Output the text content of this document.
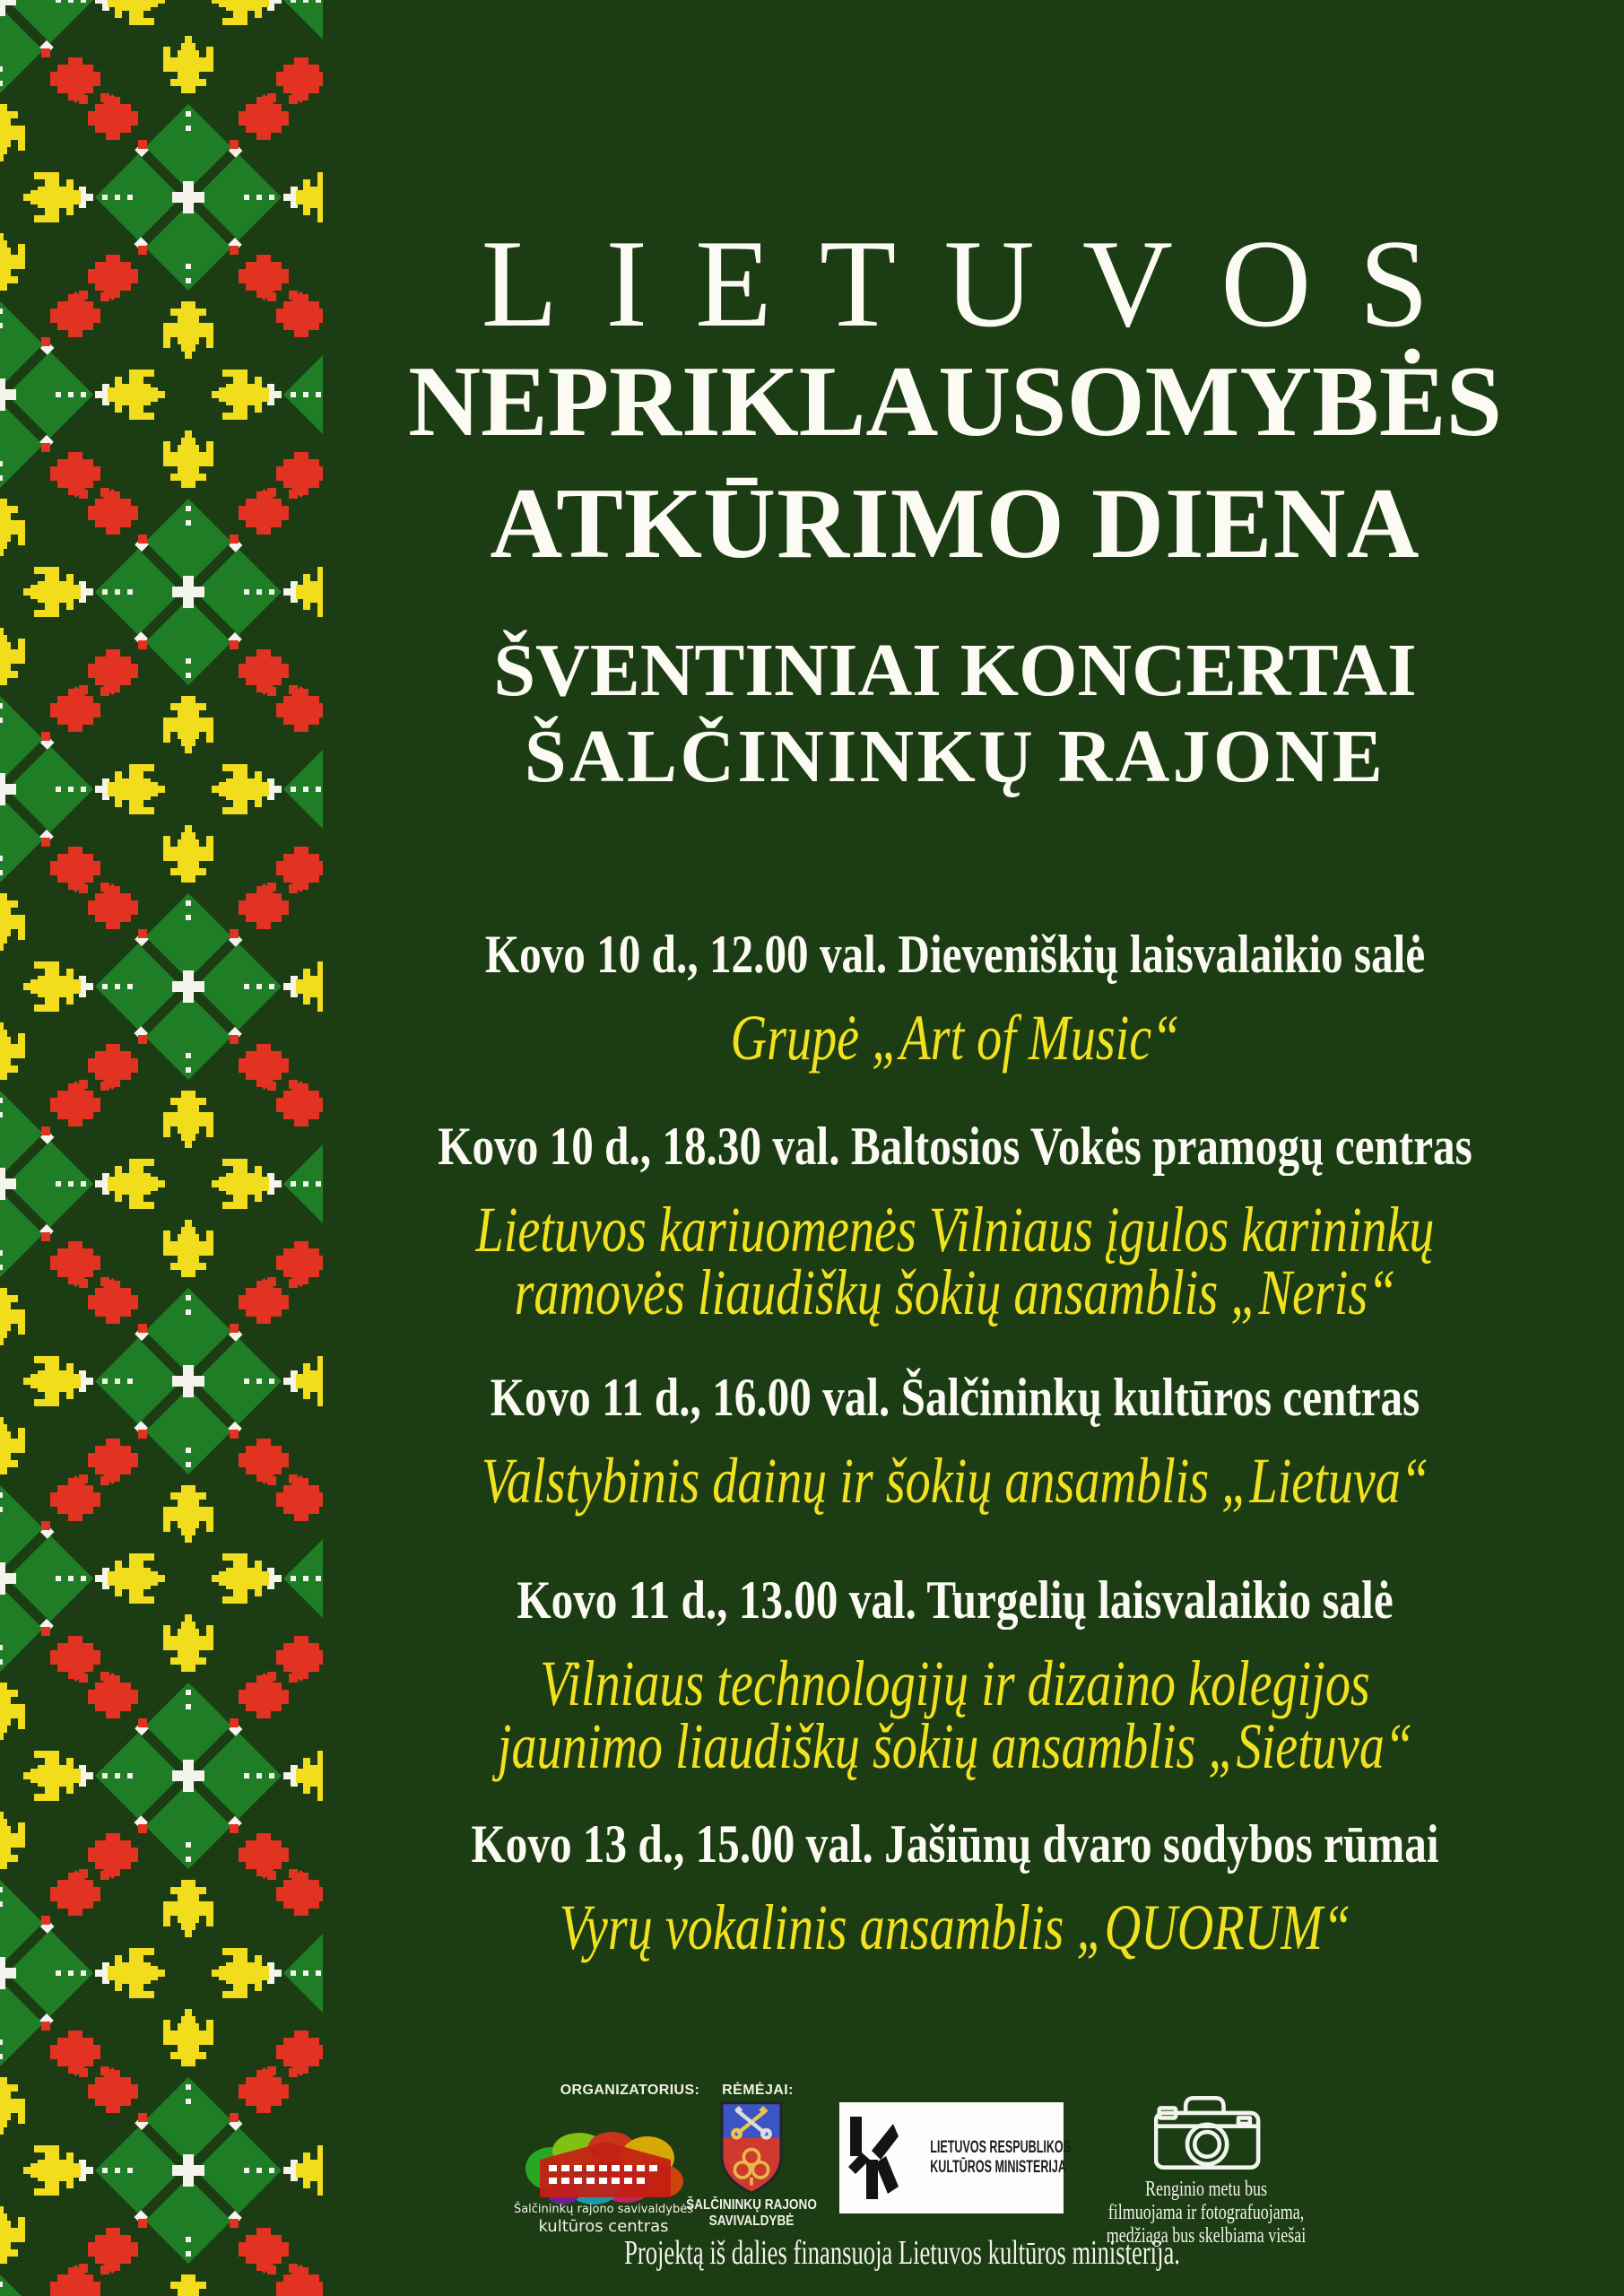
LIETUVOS
NEPRIKLAUSOMYBĖS
ATKŪRIMO DIENA
ŠVENTINIAI KONCERTAI
ŠALČININKŲ RAJONE
Kovo 10 d., 12.00 val. Dieveniškių laisvalaikio salė
Grupė „Art of Music“
Kovo 10 d., 18.30 val. Baltosios Vokės pramogų centras
Lietuvos kariuomenės Vilniaus įgulos karininkų
ramovės liaudiškų šokių ansamblis „Neris“
Kovo 11 d., 16.00 val. Šalčininkų kultūros centras
Valstybinis dainų ir šokių ansamblis „Lietuva“
Kovo 11 d., 13.00 val. Turgelių laisvalaikio salė
Vilniaus technologijų ir dizaino kolegijos
jaunimo liaudiškų šokių ansamblis „Sietuva“
Kovo 13 d., 15.00 val. Jašiūnų dvaro sodybos rūmai
Vyrų vokalinis ansamblis „QUORUM“
ORGANIZATORIUS:	RĖMĖJAI:
Šalčininkų rajono savivaldybės
kultūros centras
ŠALČININKŲ RAJONO
SAVIVALDYBĖ
LIETUVOS RESPUBLIKOS
KULTŪROS MINISTERIJA
Renginio metu bus
filmuojama ir fotografuojama,
medžiaga bus skelbiama viešai
Projektą iš dalies finansuoja Lietuvos kultūros ministerija.
